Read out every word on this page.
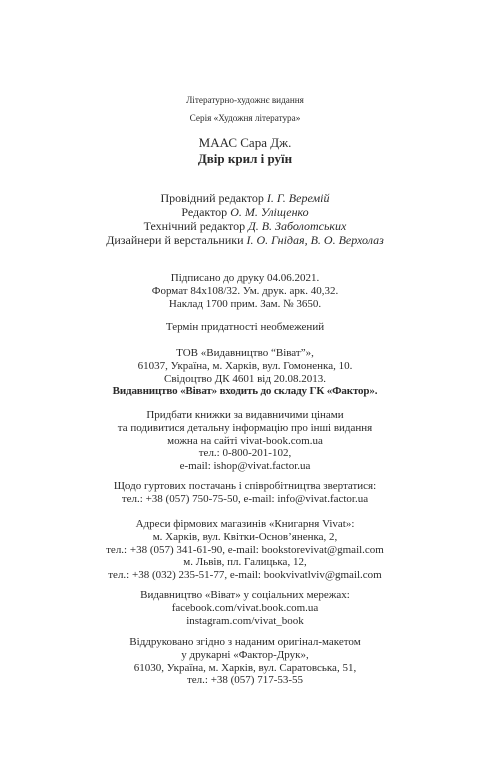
Літературно-художнє видання
Серія «Художня література»
МААС Сара Дж.
Двір крил і руїн
Провідний редактор І. Г. Веремій
Редактор О. М. Уліщенко
Технічний редактор Д. В. Заболотських
Дизайнери й верстальники І. О. Гнідая, В. О. Верхолаз
Підписано до друку 04.06.2021.
Формат 84x108/32. Ум. друк. арк. 40,32.
Наклад 1700 прим. Зам. № 3650.
Термін придатності необмежений
ТОВ «Видавництво “Віват”»,
61037, Україна, м. Харків, вул. Гомоненка, 10.
Свідоцтво ДК 4601 від 20.08.2013.
Видавництво «Віват» входить до складу ГК «Фактор».
Придбати книжки за видавничими цінами
та подивитися детальну інформацію про інші видання
можна на сайті vivat-book.com.ua
тел.: 0-800-201-102,
e-mail: ishop@vivat.factor.ua
Щодо гуртових постачань і співробітництва звертатися:
тел.: +38 (057) 750-75-50, e-mail: info@vivat.factor.ua
Адреси фірмових магазинів «Книгарня Vivat»:
м. Харків, вул. Квітки-Основ’яненка, 2,
тел.: +38 (057) 341-61-90, e-mail: bookstorevivat@gmail.com
м. Львів, пл. Галицька, 12,
тел.: +38 (032) 235-51-77, e-mail: bookvivatlviv@gmail.com
Видавництво «Віват» у соціальних мережах:
facebook.com/vivat.book.com.ua
instagram.com/vivat_book
Віддруковано згідно з наданим оригінал-макетом
у друкарні «Фактор-Друк»,
61030, Україна, м. Харків, вул. Саратовська, 51,
тел.: +38 (057) 717-53-55
